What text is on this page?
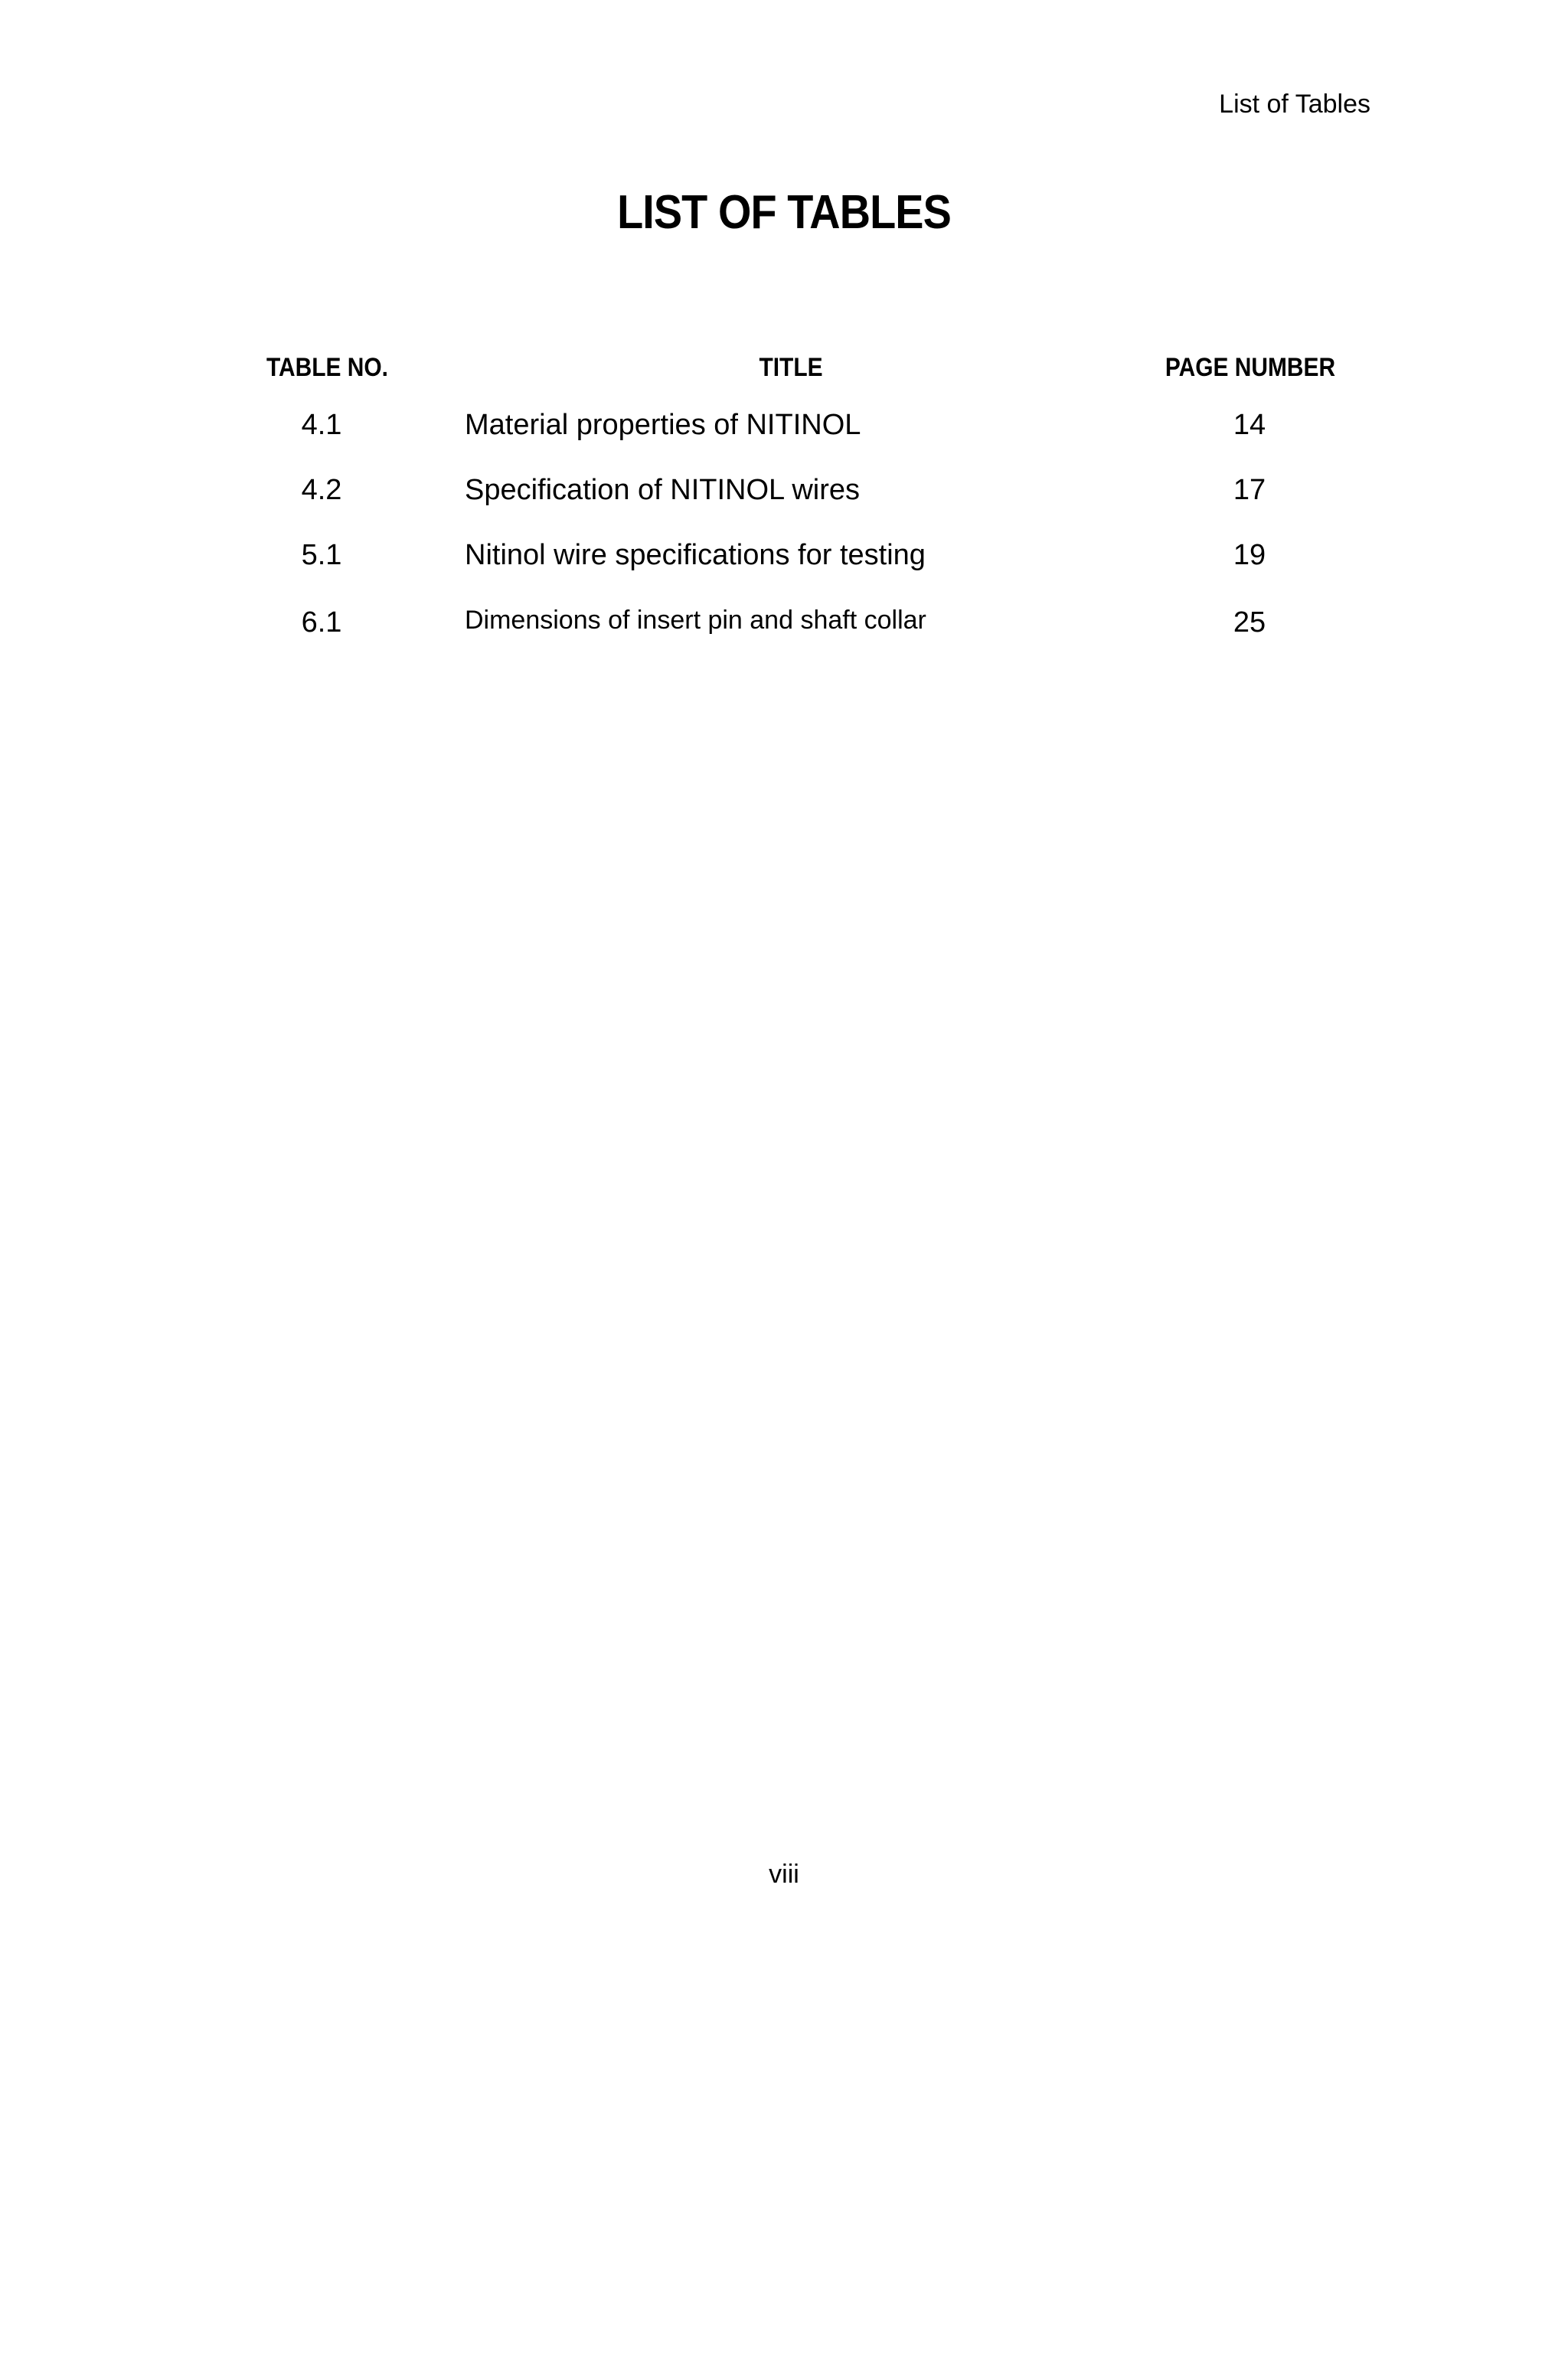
List of Tables
LIST OF TABLES
TABLE NO.	TITLE	PAGE NUMBER
4.1	Material properties of NITINOL	14
4.2	Specification of NITINOL wires	17
5.1	Nitinol wire specifications for testing	19
6.1	Dimensions of insert pin and shaft collar	25
viii
